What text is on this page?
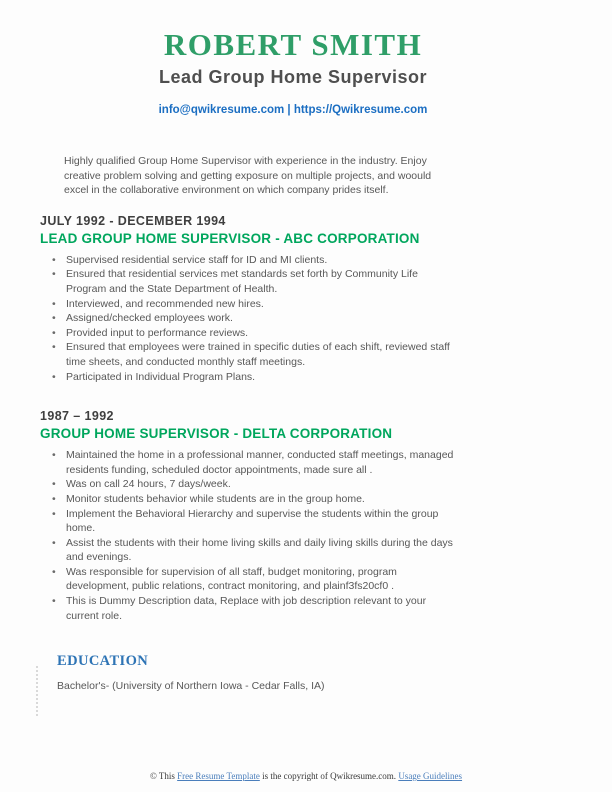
ROBERT SMITH
Lead Group Home Supervisor
info@qwikresume.com | https://Qwikresume.com

Highly qualified Group Home Supervisor with experience in the industry. Enjoy creative problem solving and getting exposure on multiple projects, and woould excel in the collaborative environment on which company prides itself.

JULY 1992 - DECEMBER 1994
LEAD GROUP HOME SUPERVISOR - ABC CORPORATION
• Supervised residential service staff for ID and MI clients.
• Ensured that residential services met standards set forth by Community Life Program and the State Department of Health.
• Interviewed, and recommended new hires.
• Assigned/checked employees work.
• Provided input to performance reviews.
• Ensured that employees were trained in specific duties of each shift, reviewed staff time sheets, and conducted monthly staff meetings.
• Participated in Individual Program Plans.
1987 – 1992
GROUP HOME SUPERVISOR - DELTA CORPORATION
• Maintained the home in a professional manner, conducted staff meetings, managed residents funding, scheduled doctor appointments, made sure all .
• Was on call 24 hours, 7 days/week.
• Monitor students behavior while students are in the group home.
• Implement the Behavioral Hierarchy and supervise the students within the group home.
• Assist the students with their home living skills and daily living skills during the days and evenings.
• Was responsible for supervision of all staff, budget monitoring, program development, public relations, contract monitoring, and plainf3fs20cf0 .
• This is Dummy Description data, Replace with job description relevant to your current role.
EDUCATION
Bachelor's- (University of Northern Iowa - Cedar Falls, IA)
© This Free Resume Template is the copyright of Qwikresume.com. Usage Guidelines
